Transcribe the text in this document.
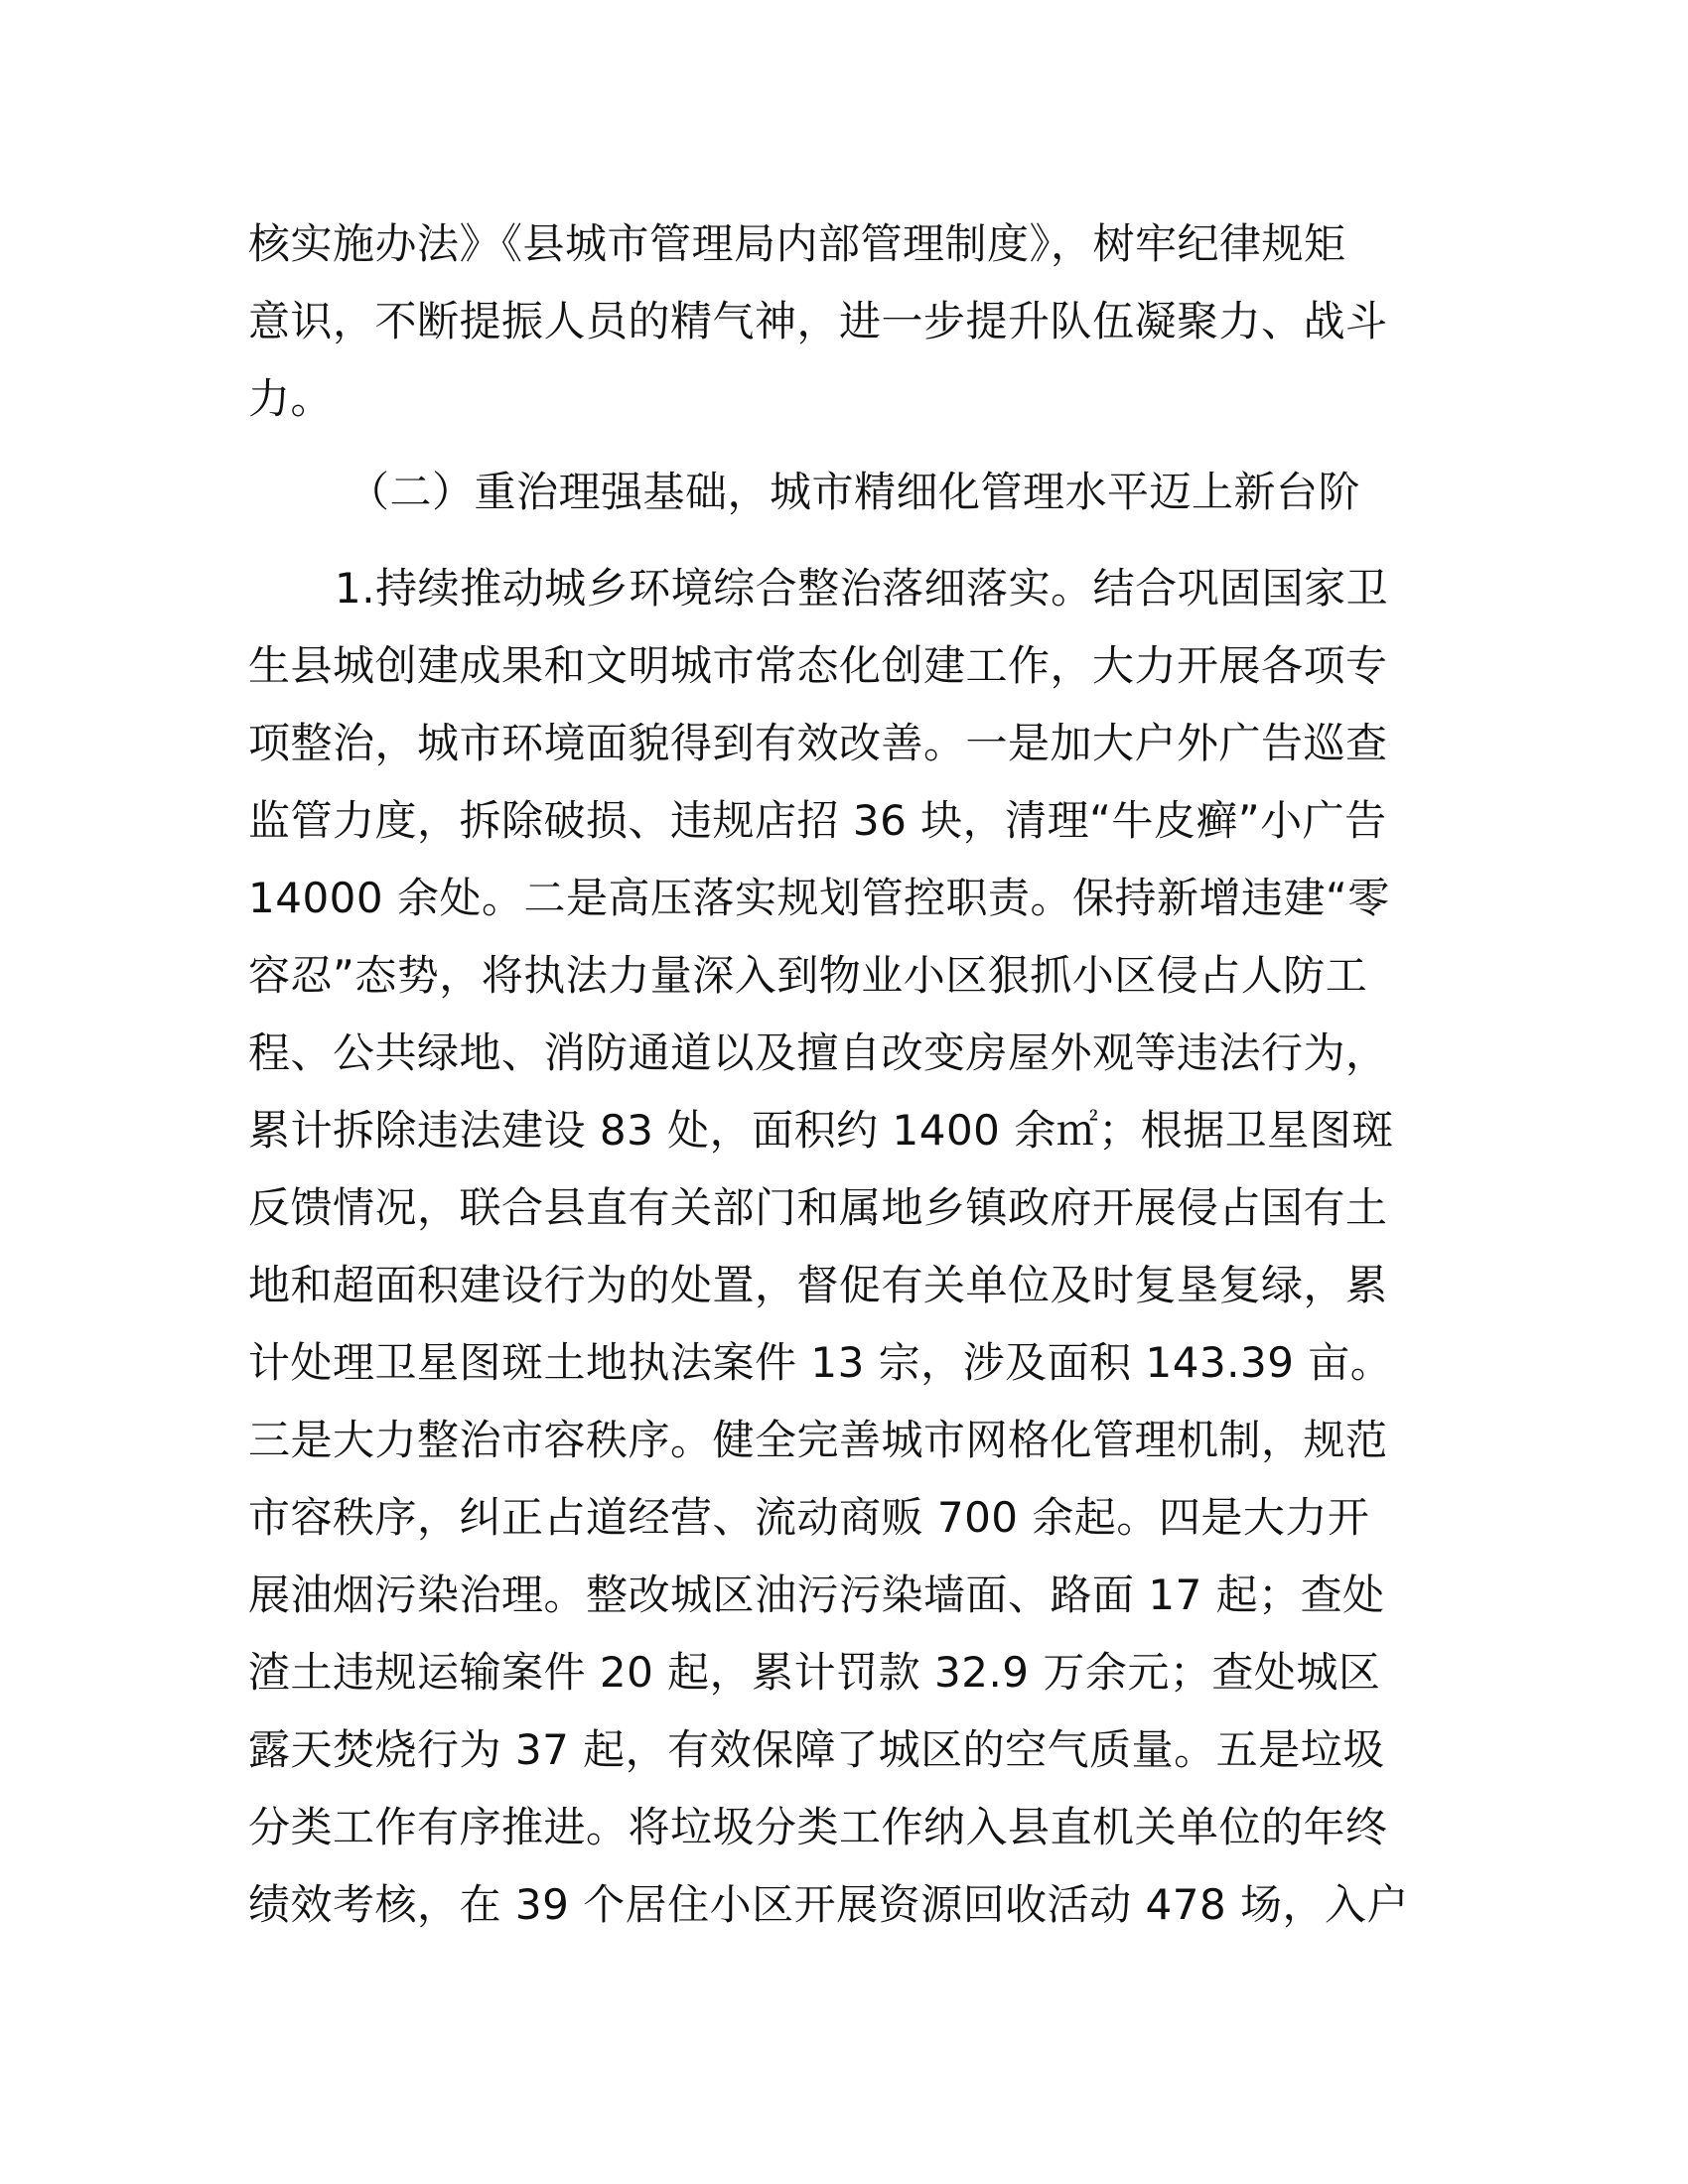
核实施办法》《县城市管理局内部管理制度》，树牢纪律规矩
意识，不断提振人员的精气神，进一步提升队伍凝聚力、战斗
力。
（二）重治理强基础，城市精细化管理水平迈上新台阶
1.持续推动城乡环境综合整治落细落实。结合巩固国家卫
生县城创建成果和文明城市常态化创建工作，大力开展各项专
项整治，城市环境面貌得到有效改善。一是加大户外广告巡查
监管力度，拆除破损、违规店招 36 块，清理“牛皮癣”小广告
14000 余处。二是高压落实规划管控职责。保持新增违建“零
容忍”态势，将执法力量深入到物业小区狠抓小区侵占人防工
程、公共绿地、消防通道以及擅自改变房屋外观等违法行为，
累计拆除违法建设 83 处，面积约 1400 余㎡；根据卫星图斑
反馈情况，联合县直有关部门和属地乡镇政府开展侵占国有土
地和超面积建设行为的处置，督促有关单位及时复垦复绿，累
计处理卫星图斑土地执法案件 13 宗，涉及面积 143.39 亩。
三是大力整治市容秩序。健全完善城市网格化管理机制，规范
市容秩序，纠正占道经营、流动商贩 700 余起。四是大力开
展油烟污染治理。整改城区油污污染墙面、路面 17 起；查处
渣土违规运输案件 20 起，累计罚款 32.9 万余元；查处城区
露天焚烧行为 37 起，有效保障了城区的空气质量。五是垃圾
分类工作有序推进。将垃圾分类工作纳入县直机关单位的年终
绩效考核，在 39 个居住小区开展资源回收活动 478 场，入户
